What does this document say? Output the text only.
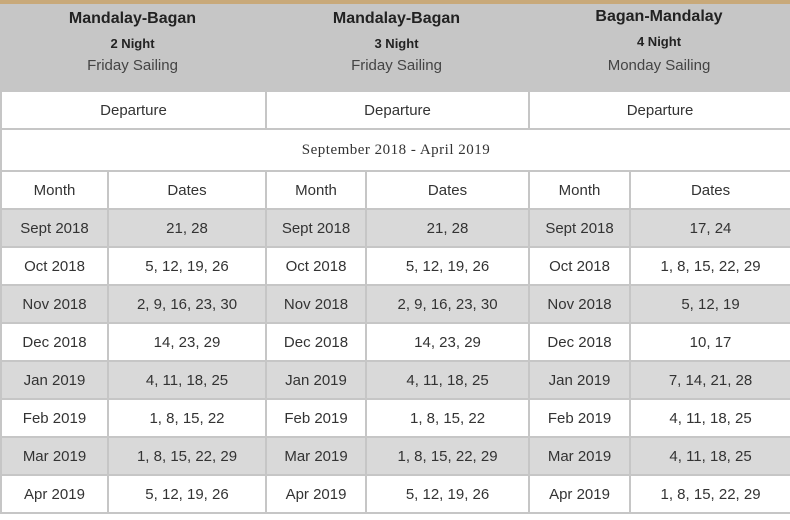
Mandalay-Bagan
2 Night
Friday Sailing
Mandalay-Bagan
3 Night
Friday Sailing
Bagan-Mandalay
4 Night
Monday Sailing
Departure		Departure		Departure	
September 2018 - April 2019					
Month	Dates	Month	Dates	Month	Dates
Sept 2018	21, 28	Sept 2018	21, 28	Sept 2018	17, 24
Oct 2018	5, 12, 19, 26	Oct 2018	5, 12, 19, 26	Oct 2018	1, 8, 15, 22, 29
Nov 2018	2, 9, 16, 23, 30	Nov 2018	2, 9, 16, 23, 30	Nov 2018	5, 12, 19
Dec 2018	14, 23, 29	Dec 2018	14, 23, 29	Dec 2018	10, 17
Jan 2019	4, 11, 18, 25	Jan 2019	4, 11, 18, 25	Jan 2019	7, 14, 21, 28
Feb 2019	1, 8, 15, 22	Feb 2019	1, 8, 15, 22	Feb 2019	4, 11, 18, 25
Mar 2019	1, 8, 15, 22, 29	Mar 2019	1, 8, 15, 22, 29	Mar 2019	4, 11, 18, 25
Apr 2019	5, 12, 19, 26	Apr 2019	5, 12, 19, 26	Apr 2019	1, 8, 15, 22, 29
